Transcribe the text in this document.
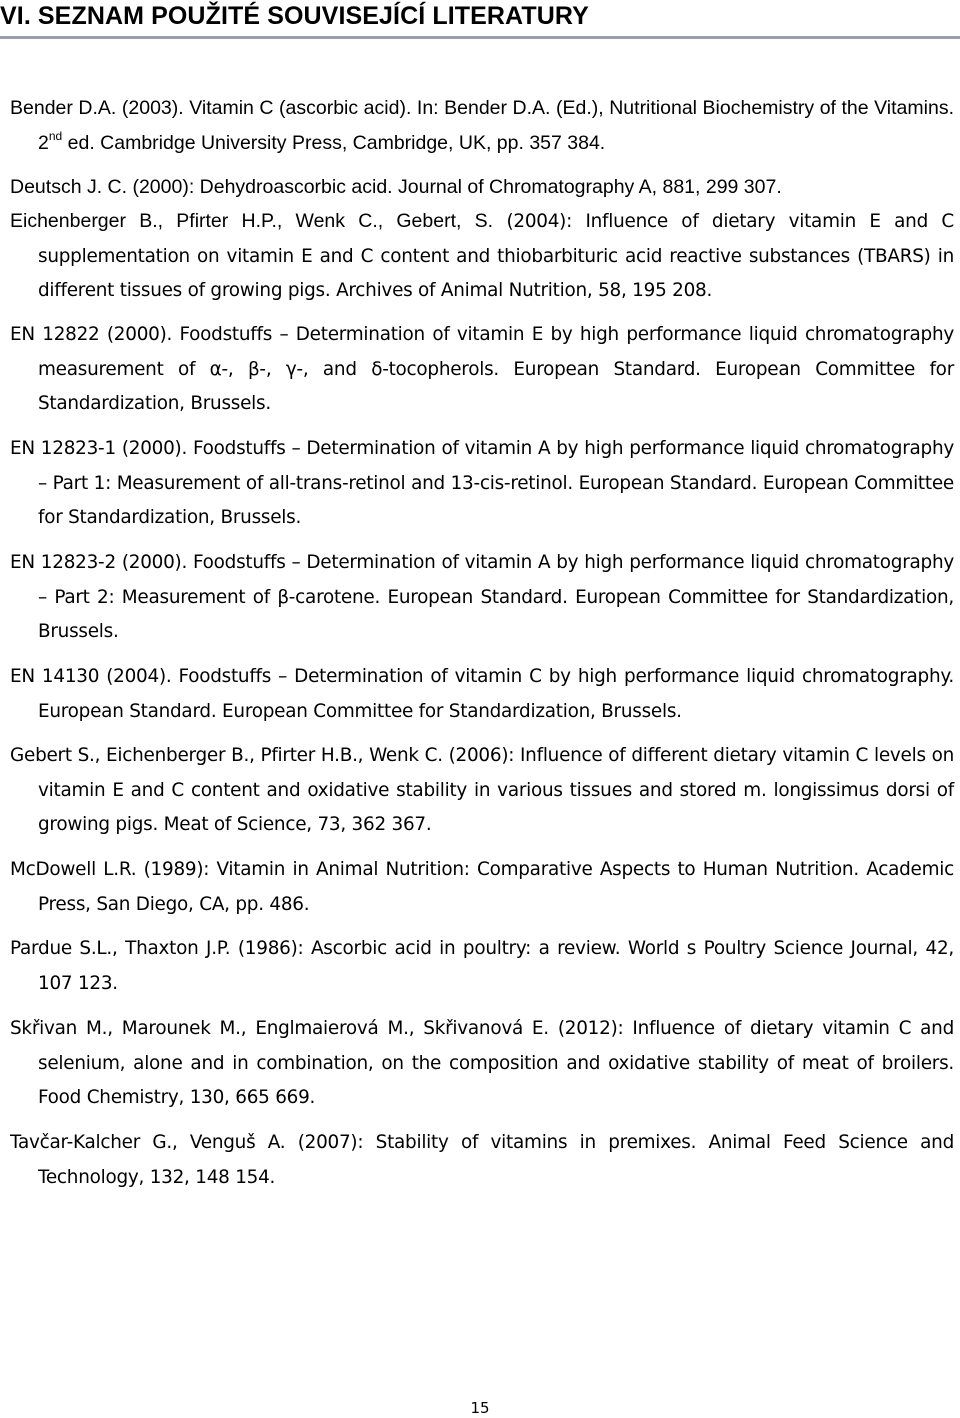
VI. SEZNAM POUŽITÉ SOUVISEJÍCÍ LITERATURY

Bender D.A. (2003). Vitamin C (ascorbic acid). In: Bender D.A. (Ed.), Nutritional Biochemistry of the Vitamins. 2nd ed. Cambridge University Press, Cambridge, UK, pp. 357 384.

Deutsch J. C. (2000): Dehydroascorbic acid. Journal of Chromatography A, 881, 299 307.

Eichenberger B., Pfirter H.P., Wenk C., Gebert, S. (2004): Influence of dietary vitamin E and C supplementation on vitamin E and C content and thiobarbituric acid reactive substances (TBARS) in different tissues of growing pigs. Archives of Animal Nutrition, 58, 195 208.

EN 12822 (2000). Foodstuffs – Determination of vitamin E by high performance liquid chromatography measurement of α-, β-, γ-, and δ-tocopherols. European Standard. European Committee for Standardization, Brussels.

EN 12823-1 (2000). Foodstuffs – Determination of vitamin A by high performance liquid chromatography – Part 1: Measurement of all-trans-retinol and 13-cis-retinol. European Standard. European Committee for Standardization, Brussels.

EN 12823-2 (2000). Foodstuffs – Determination of vitamin A by high performance liquid chromatography – Part 2: Measurement of β-carotene. European Standard. European Committee for Standardization, Brussels.

EN 14130 (2004). Foodstuffs – Determination of vitamin C by high performance liquid chromatography. European Standard. European Committee for Standardization, Brussels.

Gebert S., Eichenberger B., Pfirter H.B., Wenk C. (2006): Influence of different dietary vitamin C levels on vitamin E and C content and oxidative stability in various tissues and stored m. longissimus dorsi of growing pigs. Meat of Science, 73, 362 367.

McDowell L.R. (1989): Vitamin in Animal Nutrition: Comparative Aspects to Human Nutrition. Academic Press, San Diego, CA, pp. 486.

Pardue S.L., Thaxton J.P. (1986): Ascorbic acid in poultry: a review. World s Poultry Science Journal, 42, 107 123.

Skřivan M., Marounek M., Englmaierová M., Skřivanová E. (2012): Influence of dietary vitamin C and selenium, alone and in combination, on the composition and oxidative stability of meat of broilers. Food Chemistry, 130, 665 669.

Tavčar-Kalcher G., Venguš A. (2007): Stability of vitamins in premixes. Animal Feed Science and Technology, 132, 148 154.

15
